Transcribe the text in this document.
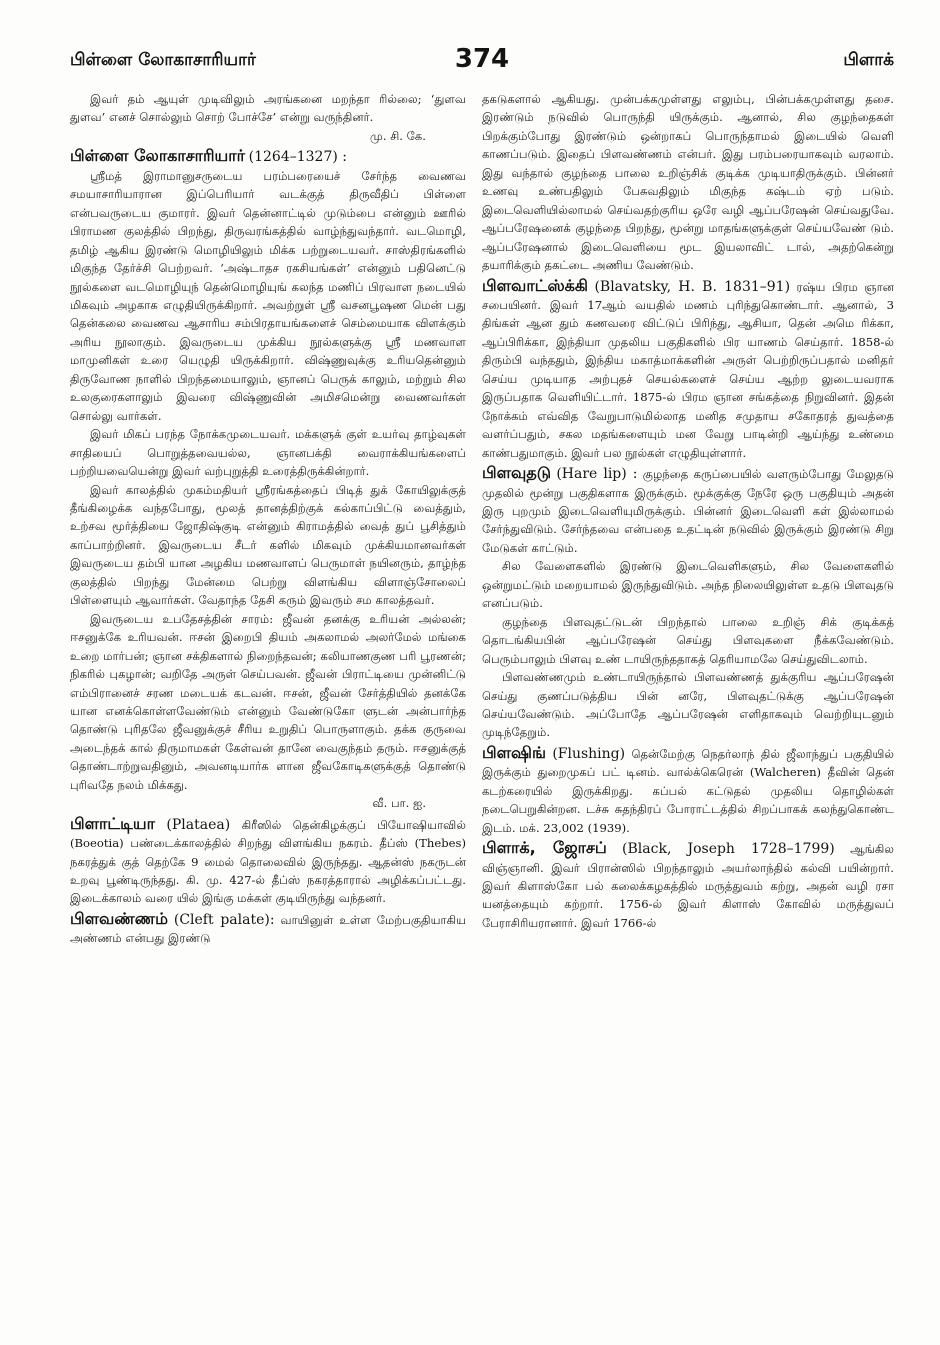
பிள்ளை லோகாசாரியார்	374	பிளாக்

இவர் தம் ஆயுள் முடிவிலும் அரங்கனை மறந்தா ரில்லை; ‘துளவ துளவ’ எனச் சொல்லும் சொற் போச்சே’ என்று வருந்தினர்.

மு. சி. கே.

பிள்ளை லோகாசாரியார் (1264–1327) :

ஸ்ரீமத் இராமானுசருடைய பரம்பரையைச் சேர்ந்த வைணவ சமயாசாரியாரான இப்பெரியார் வடக்குத் திருவீதிப் பிள்ளை என்பவருடைய குமாரர். இவர் தென்னாட்டில் முடும்பை என்னும் ஊரில் பிராமண குலத்தில் பிறந்து, திருவரங்கத்தில் வாழ்ந்துவந்தார். வடமொழி, தமிழ் ஆகிய இரண்டு மொழியிலும் மிக்க பற்றுடையவர். சாஸ்திரங்களில் மிகுந்த தேர்ச்சி பெற்றவர். ‘அஷ்டாதச ரகசியங்கள்’ என்னும் பதினெட்டு நூல்களை வடமொழியுந் தென்மொழியுங் கலந்த மணிப் பிரவாள நடையில் மிகவும் அழகாக எழுதியிருக்கிறார். அவற்றுள் ஸ்ரீ வசனபூஷண மென் பது தென்கலை வைணவ ஆசாரிய சம்பிரதாயங்களைச் செம்மையாக விளக்கும் அரிய நூலாகும். இவருடைய முக்கிய நூல்களுக்கு ஸ்ரீ மணவாள மாமுனிகள் உரை யெழுதி யிருக்கிறார். விஷ்ணுவுக்கு உரியதென்னும் திருவோண நாளில் பிறந்தமையாலும், ஞானப் பெருக் காலும், மற்றும் சில உலகுரைகளாலும் இவரை விஷ்ணுவின் அமிசமென்று வைணவர்கள் சொல்லு வார்கள்.

இவர் மிகப் பரந்த நோக்கமுடையவர். மக்களுக் குள் உயர்வு தாழ்வுகள் சாதியைப் பொறுத்தவையல்ல, ஞானபக்தி வைராக்கியங்களைப் பற்றியவையென்று இவர் வற்புறுத்தி உரைத்திருக்கின்றார்.

இவர் காலத்தில் முகம்மதியர் ஸ்ரீரங்கத்தைப் பிடித் துக் கோயிலுக்குத் தீங்கிழைக்க வந்தபோது, மூலத் தானத்திற்குக் கல்காப்பிட்டு வைத்தும், உற்சவ மூர்த்தியை ஜோதிஷ்குடி என்னும் கிராமத்தில் வைத் துப் பூசித்தும் காப்பாற்றினர். இவருடைய சீடர் களில் மிகவும் முக்கியமானவர்கள் இவருடைய தம்பி யான அழகிய மணவாளப் பெருமாள் நயினரும், தாழ்ந்த குலத்தில் பிறந்து மேன்மை பெற்று விளங்கிய விளாஞ்சோலைப் பிள்ளையும் ஆவார்கள். வேதாந்த தேசி கரும் இவரும் சம காலத்தவர்.

இவருடைய உபதேசத்தின் சாரம்: ஜீவன் தனக்கு உரியன் அல்லன்; ஈசனுக்கே உரியவன். ஈசன் இறைபி தியம் அகலாமல் அலர்மேல் மங்கை உறை மார்பன்; ஞான சக்திகளால் நிறைந்தவன்; கலியாணகுண பரி பூரணன்; நிகரில் புகழான்; வறிதே அருள் செய்பவன். ஜீவன் பிராட்டியை முன்னிட்டு எம்பிரானைச் சரண மடையக் கடவன். ஈசன், ஜீவன் சேர்த்தியில் தனக்கே யான எனக்கொள்ளவேண்டும் என்னும் வேண்டுகோ ளுடன் அன்பார்ந்த தொண்டு புரிதலே ஜீவனுக்குச் சீரிய உறுதிப் பொருளாகும். தக்க குருவை அடைந்தக் கால் திருமாமகள் கேள்வன் தானே வைகுந்தம் தரும். ஈசனுக்குத் தொண்டாற்றுவதினும், அவனடியார்க ளான ஜீவகோடிகளுக்குத் தொண்டு புரிவதே நலம் மிக்கது.

வீ. பா. ஐ.

பிளாட்டியா (Plataea) கிரீஸில் தென்கிழக்குப் பியோஷியாவில் (Boeotia) பண்டைக்காலத்தில் சிறந்து விளங்கிய நகரம். தீப்ஸ் (Thebes) நகரத்துக் குத் தெற்கே 9 மைல் தொலைவில் இருந்தது. ஆதன்ஸ் நகருடன் உறவு பூண்டிருந்தது. கி. மு. 427-ல் தீப்ஸ் நகரத்தாரால் அழிக்கப்பட்டது. இடைக்காலம் வரை யில் இங்கு மக்கள் குடியிருந்து வந்தனர்.

பிளவண்ணம் (Cleft palate): வாயினுள் உள்ள மேற்பகுதியாகிய அண்ணம் என்பது இரண்டு

தகடுகளால் ஆகியது. முன்பக்கமுள்ளது எலும்பு, பின்பக்கமுள்ளது தசை. இரண்டும் நடுவில் பொருந்தி யிருக்கும். ஆனால், சில குழந்தைகள் பிறக்கும்போது இரண்டும் ஒன்றாகப் பொருந்தாமல் இடையில் வெளி காணப்படும். இதைப் பிளவண்ணம் என்பர். இது பரம்பரையாகவும் வரலாம். இது வந்தால் குழந்தை பாலை உறிஞ்சிக் குடிக்க முடியாதிருக்கும். பின்னர் உணவு உண்பதிலும் பேசுவதிலும் மிகுந்த கஷ்டம் ஏற் படும். இடைவெளியில்லாமல் செய்வதற்குரிய ஒரே வழி ஆப்பரேஷன் செய்வதுவே. ஆப்பரேஷனைக் குழந்தை பிறந்து, மூன்று மாதங்களுக்குள் செய்யவேண் டும். ஆப்பரேஷனால் இடைவெளியை மூட இயலாவிட் டால், அதற்கென்று தயாரிக்கும் தகட்டை அணிய வேண்டும்.

பிளவாட்ஸ்க்கி (Blavatsky, H. B. 1831–91) ரஷ்ய பிரம ஞான சபையினர். இவர் 17ஆம் வயதில் மணம் புரிந்துகொண்டார். ஆனால், 3 திங்கள் ஆன தும் கணவரை விட்டுப் பிரிந்து, ஆசியா, தென் அமெ ரிக்கா, ஆப்பிரிக்கா, இந்தியா முதலிய பகுதிகளில் பிர யாணம் செய்தார். 1858-ல் திரும்பி வந்ததும், இந்திய மகாத்மாக்களின் அருள் பெற்றிருப்பதால் மனிதர் செய்ய முடியாத அற்புதச் செயல்களைச் செய்ய ஆற்ற லுடையவராக இருப்பதாக வெளியிட்டார். 1875-ல் பிரம ஞான சங்கத்தை நிறுவினர். இதன் நோக்கம் எவ்வித வேறுபாடுமில்லாத மனித சமுதாய சகோதரத் துவத்தை வளர்ப்பதும், சகல மதங்களையும் மன வேறு பாடின்றி ஆய்ந்து உண்மை காண்பதுமாகும். இவர் பல நூல்கள் எழுதியுள்ளார்.

பிளவுதடு (Hare lip) : குழந்தை கருப்பையில் வளரும்போது மேலுதடு முதலில் மூன்று பகுதிகளாக இருக்கும். மூக்குக்கு நேரே ஒரு பகுதியும் அதன் இரு புறமும் இடைவெளியுமிருக்கும். பின்னர் இடைவெளி கள் இல்லாமல் சேர்ந்துவிடும். சேர்ந்தவை என்பதை உதட்டின் நடுவில் இருக்கும் இரண்டு சிறு மேடுகள் காட்டும்.

சில வேளைகளில் இரண்டு இடைவெளிகளும், சில வேளைகளில் ஒன்றுமட்டும் மறையாமல் இருந்துவிடும். அந்த நிலையிலுள்ள உதடு பிளவுதடு எனப்படும்.

குழந்தை பிளவுதட்டுடன் பிறந்தால் பாலை உறிஞ் சிக் குடிக்கத் தொடங்கியபின் ஆப்பரேஷன் செய்து பிளவுகளை நீக்கவேண்டும். பெரும்பாலும் பிளவு உண் டாயிருந்ததாகத் தெரியாமலே செய்துவிடலாம்.

பிளவண்ணமும் உண்டாயிருந்தால் பிளவண்ணத் துக்குரிய ஆப்பரேஷன் செய்து குணப்படுத்திய பின் னரே, பிளவுதட்டுக்கு ஆப்பரேஷன் செய்யவேண்டும். அப்போதே ஆப்பரேஷன் எளிதாகவும் வெற்றியுடனும் முடிந்தேறும்.

பிளஷிங் (Flushing) தென்மேற்கு நெதர்லாந் தில் ஜீலாந்துப் பகுதியில் இருக்கும் துறைமுகப் பட் டினம். வால்க்கெரென் (Walcheren) தீவின் தென் கடற்கரையில் இருக்கிறது. கப்பல் கட்டுதல் முதலிய தொழில்கள் நடைபெறுகின்றன. டச்சு சுதந்திரப் போராட்டத்தில் சிறப்பாகக் கலந்துகொண்ட இடம். மக். 23,002 (1939).

பிளாக், ஜோசப் (Black, Joseph 1728–1799) ஆங்கில விஞ்ஞானி. இவர் பிரான்ஸில் பிறந்தாலும் அயர்லாந்தில் கல்வி பயின்றார். இவர் கிளாஸ்கோ பல் கலைக்கழகத்தில் மருத்துவம் கற்று, அதன் வழி ரசா யனத்தையும் கற்றார். 1756-ல் இவர் கிளாஸ் கோவில் மருத்துவப் பேராசிரியரானார். இவர் 1766-ல்
